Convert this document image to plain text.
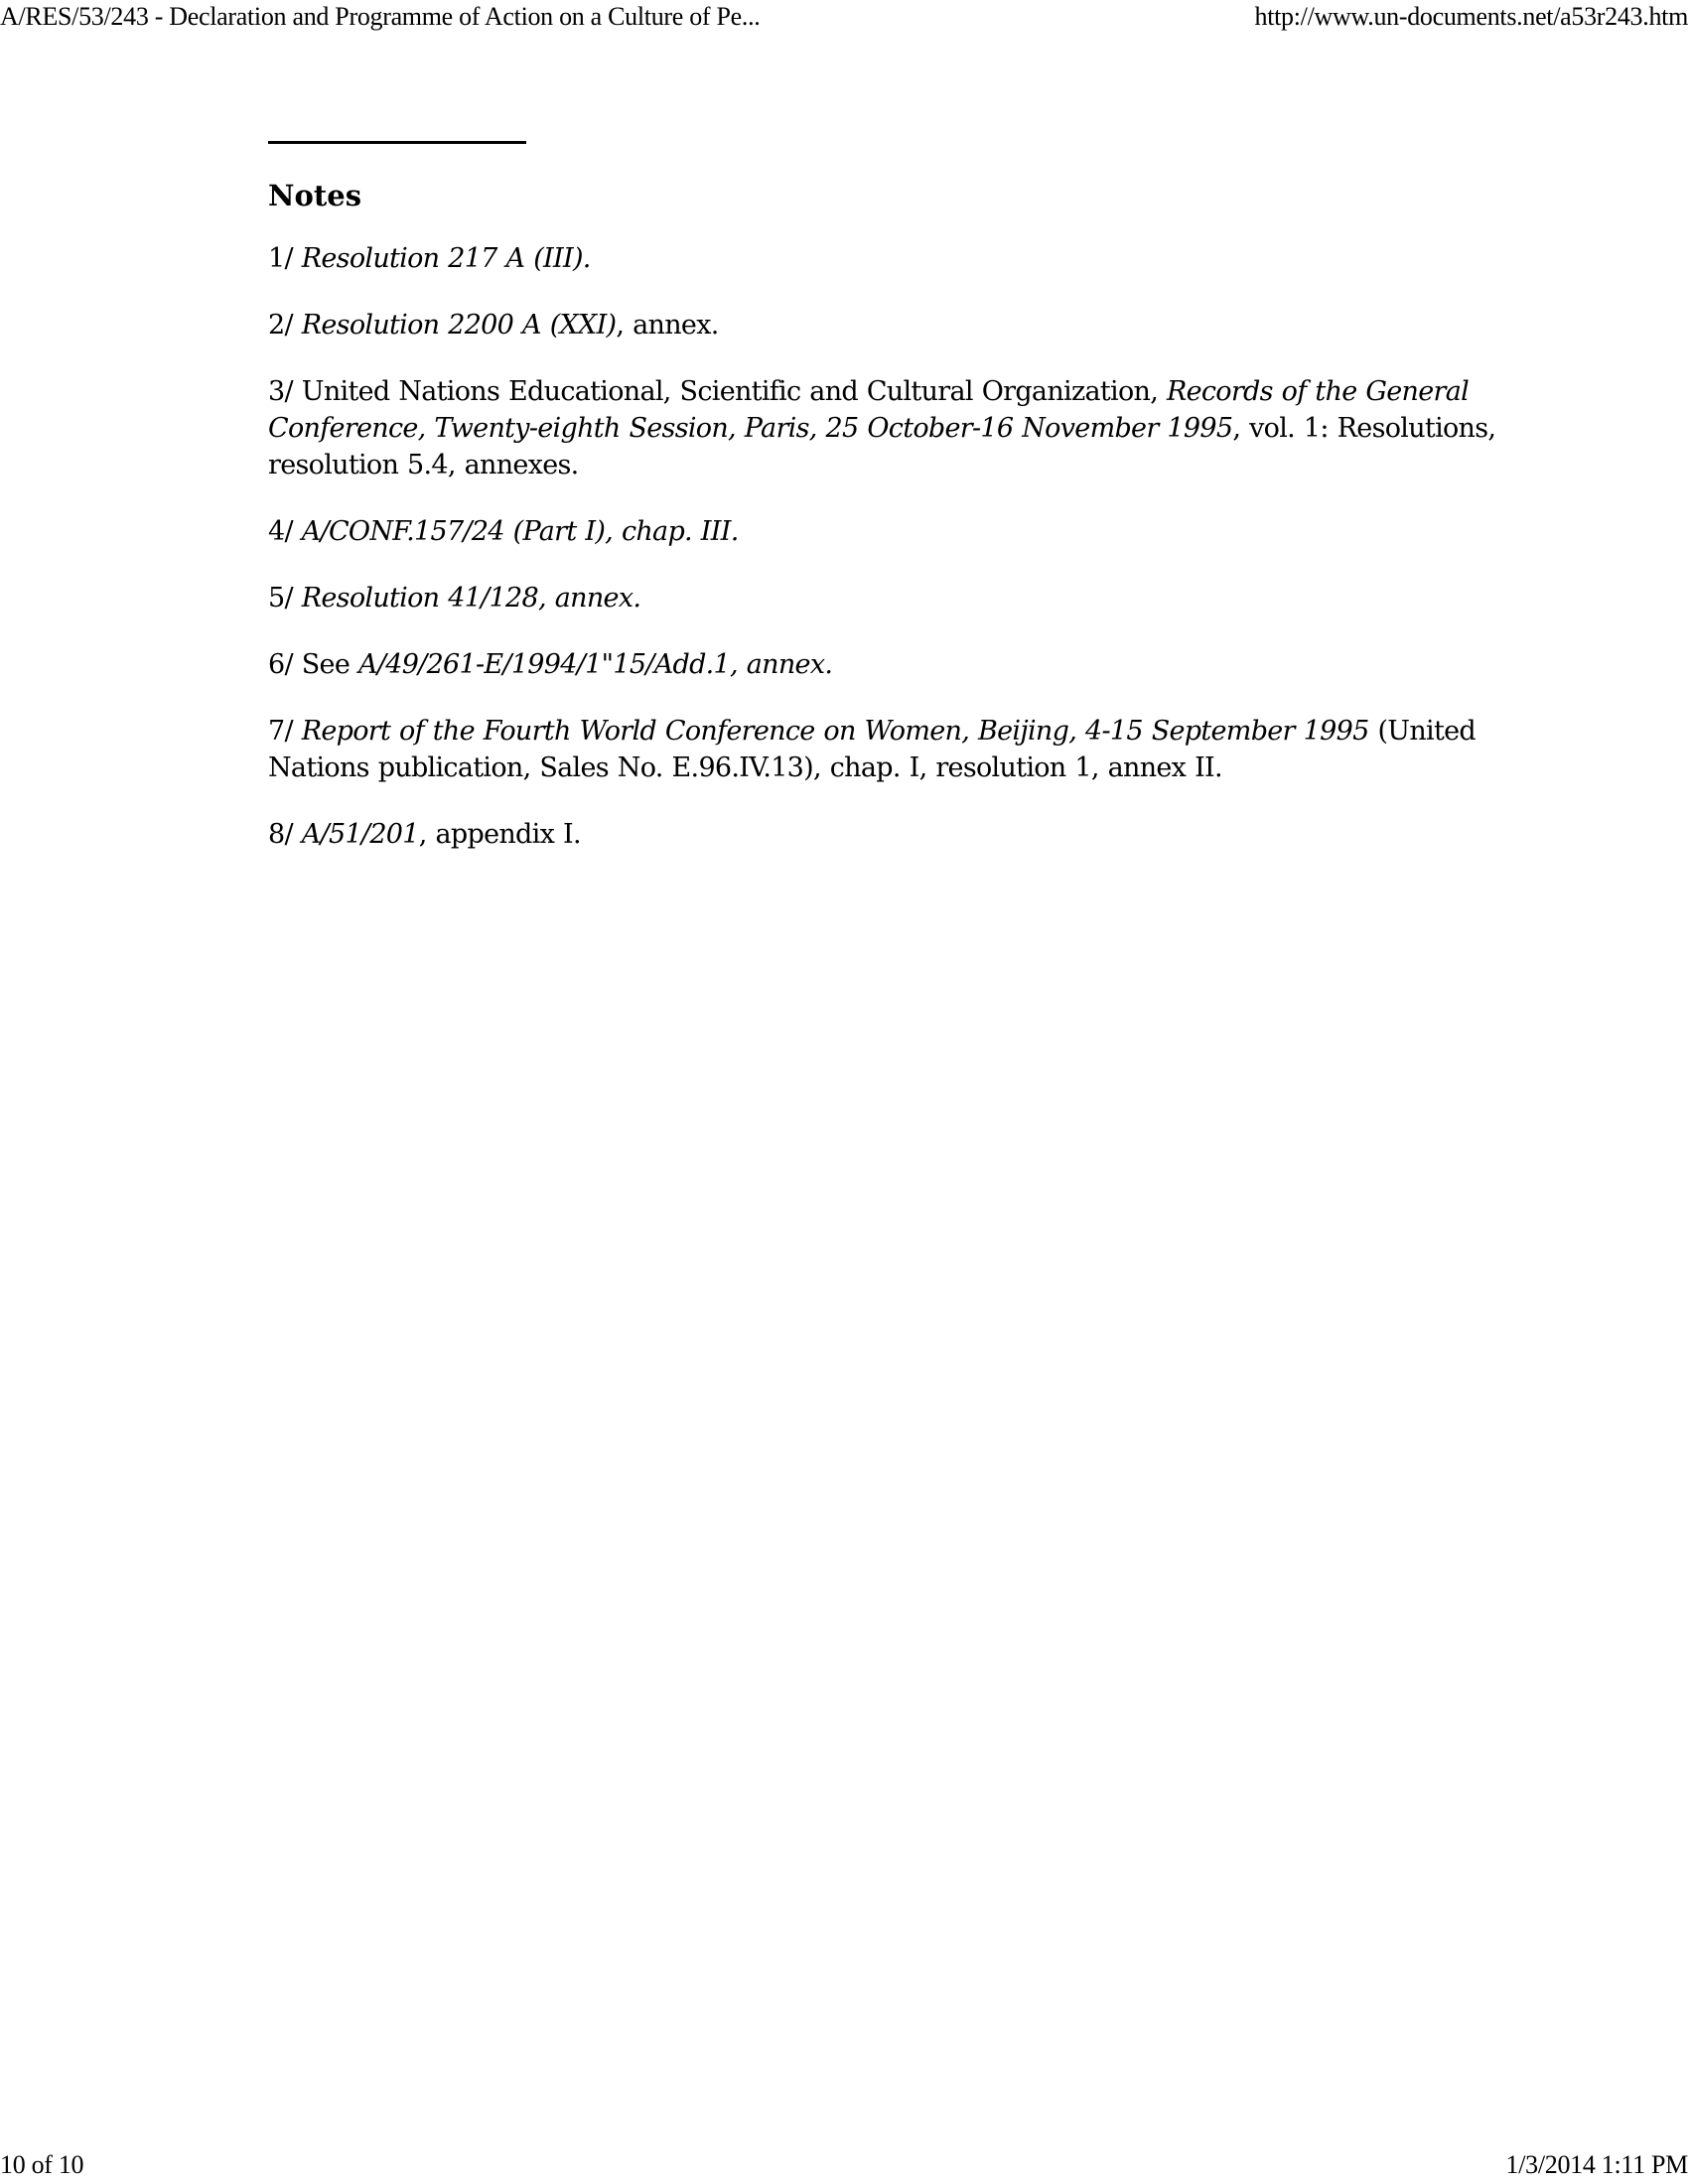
A/RES/53/243 - Declaration and Programme of Action on a Culture of Pe...	http://www.un-documents.net/a53r243.htm
Notes

1/ Resolution 217 A (III).

2/ Resolution 2200 A (XXI), annex.

3/ United Nations Educational, Scientific and Cultural Organization, Records of the General Conference, Twenty-eighth Session, Paris, 25 October-16 November 1995, vol. 1: Resolutions, resolution 5.4, annexes.

4/ A/CONF.157/24 (Part I), chap. III.

5/ Resolution 41/128, annex.

6/ See A/49/261-E/1994/1"15/Add.1, annex.

7/ Report of the Fourth World Conference on Women, Beijing, 4-15 September 1995 (United Nations publication, Sales No. E.96.IV.13), chap. I, resolution 1, annex II.

8/ A/51/201, appendix I.

10 of 10	1/3/2014 1:11 PM
